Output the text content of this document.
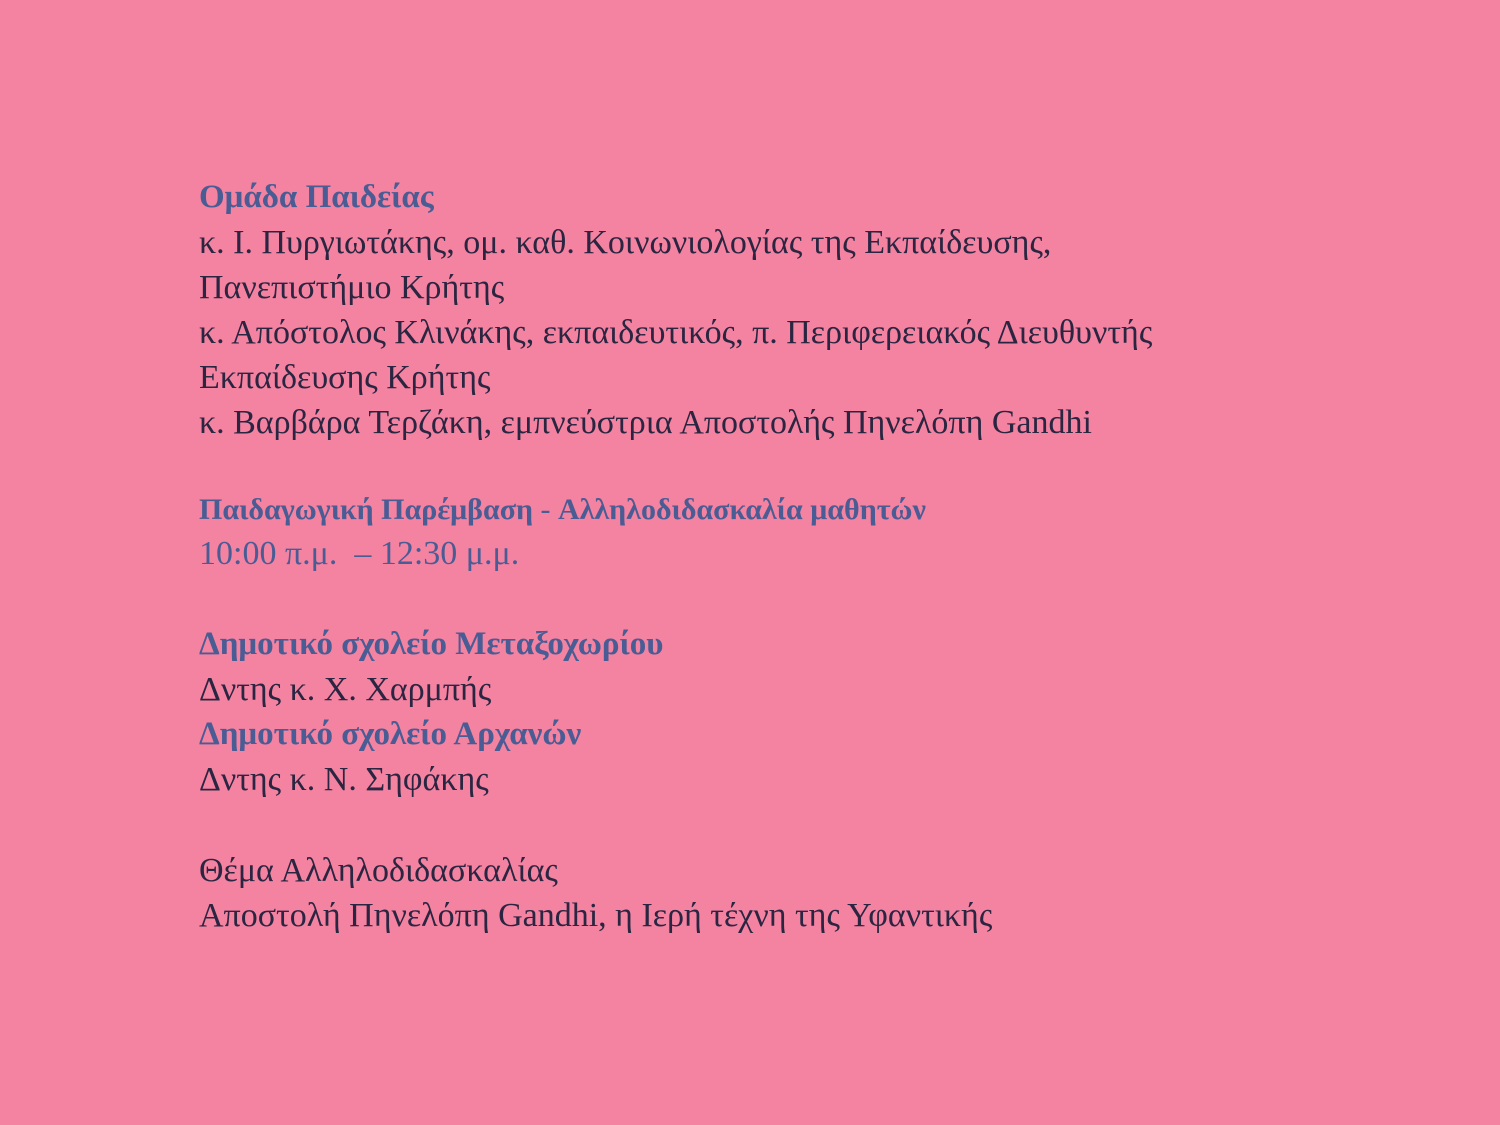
Ομάδα Παιδείας
κ. Ι. Πυργιωτάκης, ομ. καθ. Κοινωνιολογίας της Εκπαίδευσης,
Πανεπιστήμιο Κρήτης
κ. Απόστολος Κλινάκης, εκπαιδευτικός, π. Περιφερειακός Διευθυντής
Εκπαίδευσης Κρήτης
κ. Βαρβάρα Τερζάκη, εμπνεύστρια Αποστολής Πηνελόπη Gandhi
Παιδαγωγική Παρέμβαση - Αλληλοδιδασκαλία μαθητών
10:00 π.μ.  – 12:30 μ.μ.
Δημοτικό σχολείο Μεταξοχωρίου
Δντης κ. Χ. Χαρμπής
Δημοτικό σχολείο Αρχανών
Δντης κ. Ν. Σηφάκης
Θέμα Αλληλοδιδασκαλίας
Αποστολή Πηνελόπη Gandhi, η Ιερή τέχνη της Υφαντικής
